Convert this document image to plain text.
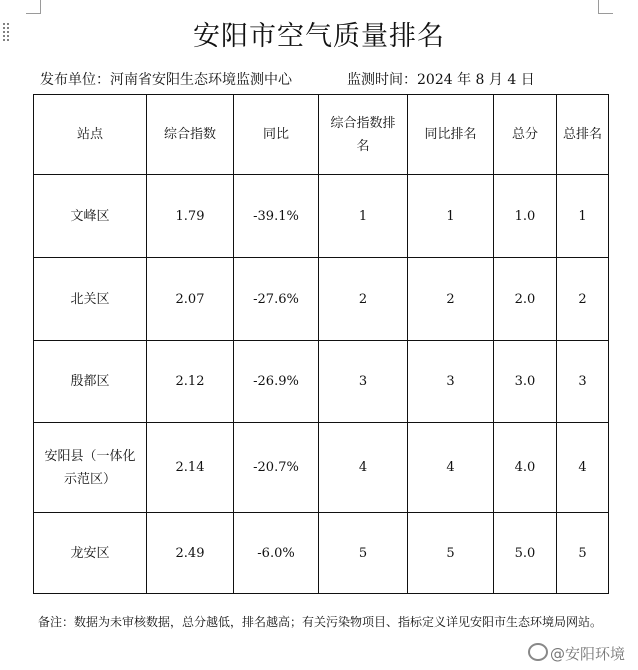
安阳市空气质量排名
发布单位：河南省安阳生态环境监测中心	监测时间：2024 年 8 月 4 日
站点	综合指数	同比	综合指数排名	同比排名	总分	总排名
文峰区	1.79	-39.1%	1	1	1.0	1
北关区	2.07	-27.6%	2	2	2.0	2
殷都区	2.12	-26.9%	3	3	3.0	3
安阳县（一体化示范区）	2.14	-20.7%	4	4	4.0	4
龙安区	2.49	-6.0%	5	5	5.0	5
备注：数据为未审核数据，总分越低，排名越高；有关污染物项目、指标定义详见安阳市生态环境局网站。
@安阳环境
